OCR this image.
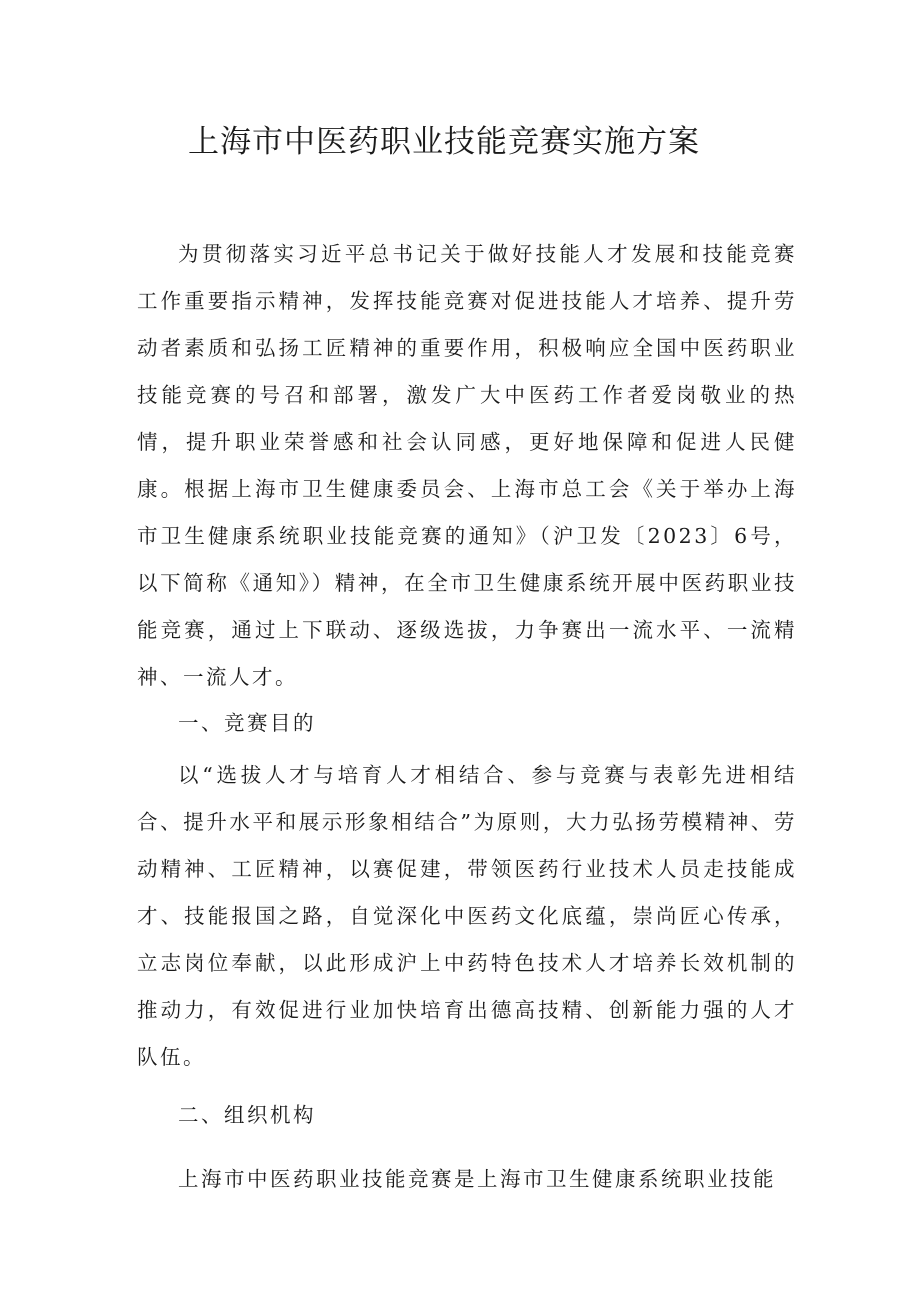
上海市中医药职业技能竞赛实施方案

为贯彻落实习近平总书记关于做好技能人才发展和技能竞赛工作重要指示精神，发挥技能竞赛对促进技能人才培养、提升劳动者素质和弘扬工匠精神的重要作用，积极响应全国中医药职业技能竞赛的号召和部署，激发广大中医药工作者爱岗敬业的热情，提升职业荣誉感和社会认同感，更好地保障和促进人民健康。根据上海市卫生健康委员会、上海市总工会《关于举办上海市卫生健康系统职业技能竞赛的通知》（沪卫发〔2023〕6号，以下简称《通知》）精神，在全市卫生健康系统开展中医药职业技能竞赛，通过上下联动、逐级选拔，力争赛出一流水平、一流精神、一流人才。

一、竞赛目的

以“选拔人才与培育人才相结合、参与竞赛与表彰先进相结合、提升水平和展示形象相结合”为原则，大力弘扬劳模精神、劳动精神、工匠精神，以赛促建，带领医药行业技术人员走技能成才、技能报国之路，自觉深化中医药文化底蕴，崇尚匠心传承，立志岗位奉献，以此形成沪上中药特色技术人才培养长效机制的推动力，有效促进行业加快培育出德高技精、创新能力强的人才队伍。

二、组织机构

上海市中医药职业技能竞赛是上海市卫生健康系统职业技能
